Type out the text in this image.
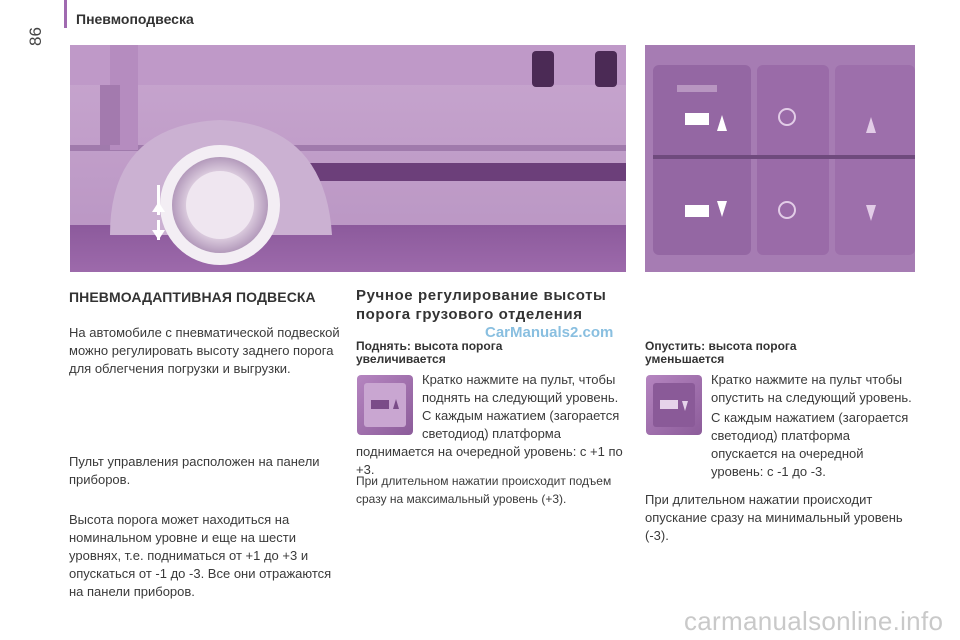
86
Пневмоподвеска
ПНЕВМОАДАПТИВНАЯ ПОДВЕСКА
На автомобиле с пневматической подвеской можно регулировать высоту заднего порога для облегчения погрузки и выгрузки.
Пульт управления расположен на панели приборов.
Высота порога может находиться на номинальном уровне и еще на шести уровнях, т.е. подниматься от +1 до +3 и опускаться от -1 до -3. Все они отражаются на панели приборов.
Ручное регулирование высоты порога грузового отделения
CarManuals2.com
Поднять: высота порога увеличивается
Опустить: высота порога уменьшается
Кратко нажмите на пульт, чтобы поднять на следующий уровень. С каждым нажатием (загорается светодиод) платформа поднимается на очередной уровень: с +1 по +3.
При длительном нажатии происходит подъем сразу на максимальный уровень (+3).
Кратко нажмите на пульт чтобы опустить на следующий уровень.
С каждым нажатием (загорается светодиод) платформа опускается на очередной уровень: с -1 до -3.
При длительном нажатии происходит опускание сразу на минимальный уровень (-3).
carmanualsonline.info
